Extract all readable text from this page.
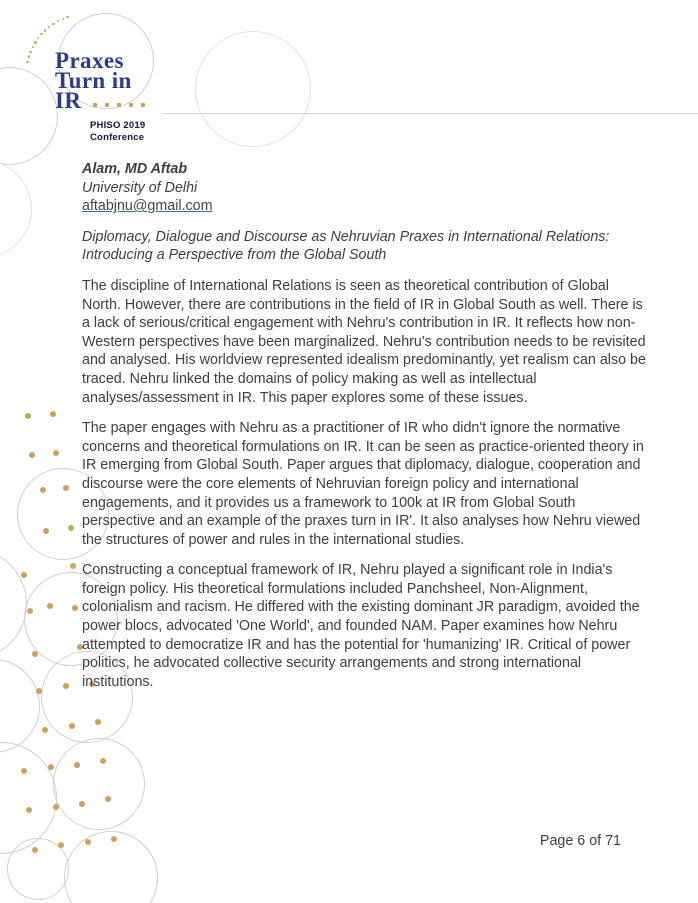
Praxes
Turn in
IR
PHISO 2019
Conference

Alam, MD Aftab
University of Delhi
aftabjnu@gmail.com

Diplomacy, Dialogue and Discourse as Nehruvian Praxes in International Relations: Introducing a Perspective from the Global South

The discipline of International Relations is seen as theoretical contribution of Global North. However, there are contributions in the field of IR in Global South as well. There is a lack of serious/critical engagement with Nehru's contribution in IR. It reflects how non-Western perspectives have been marginalized. Nehru's contribution needs to be revisited and analysed. His worldview represented idealism predominantly, yet realism can also be traced. Nehru linked the domains of policy making as well as intellectual analyses/assessment in IR. This paper explores some of these issues.

The paper engages with Nehru as a practitioner of IR who didn't ignore the normative concerns and theoretical formulations on IR. It can be seen as practice-oriented theory in IR emerging from Global South. Paper argues that diplomacy, dialogue, cooperation and discourse were the core elements of Nehruvian foreign policy and international engagements, and it provides us a framework to 100k at IR from Global South perspective and an example of the praxes turn in IR'. It also analyses how Nehru viewed the structures of power and rules in the international studies.

Constructing a conceptual framework of IR, Nehru played a significant role in India's foreign policy. His theoretical formulations included Panchsheel, Non-Alignment, colonialism and racism. He differed with the existing dominant JR paradigm, avoided the power blocs, advocated 'One World', and founded NAM. Paper examines how Nehru attempted to democratize IR and has the potential for 'humanizing' IR. Critical of power politics, he advocated collective security arrangements and strong international institutions.

Page 6 of 71
